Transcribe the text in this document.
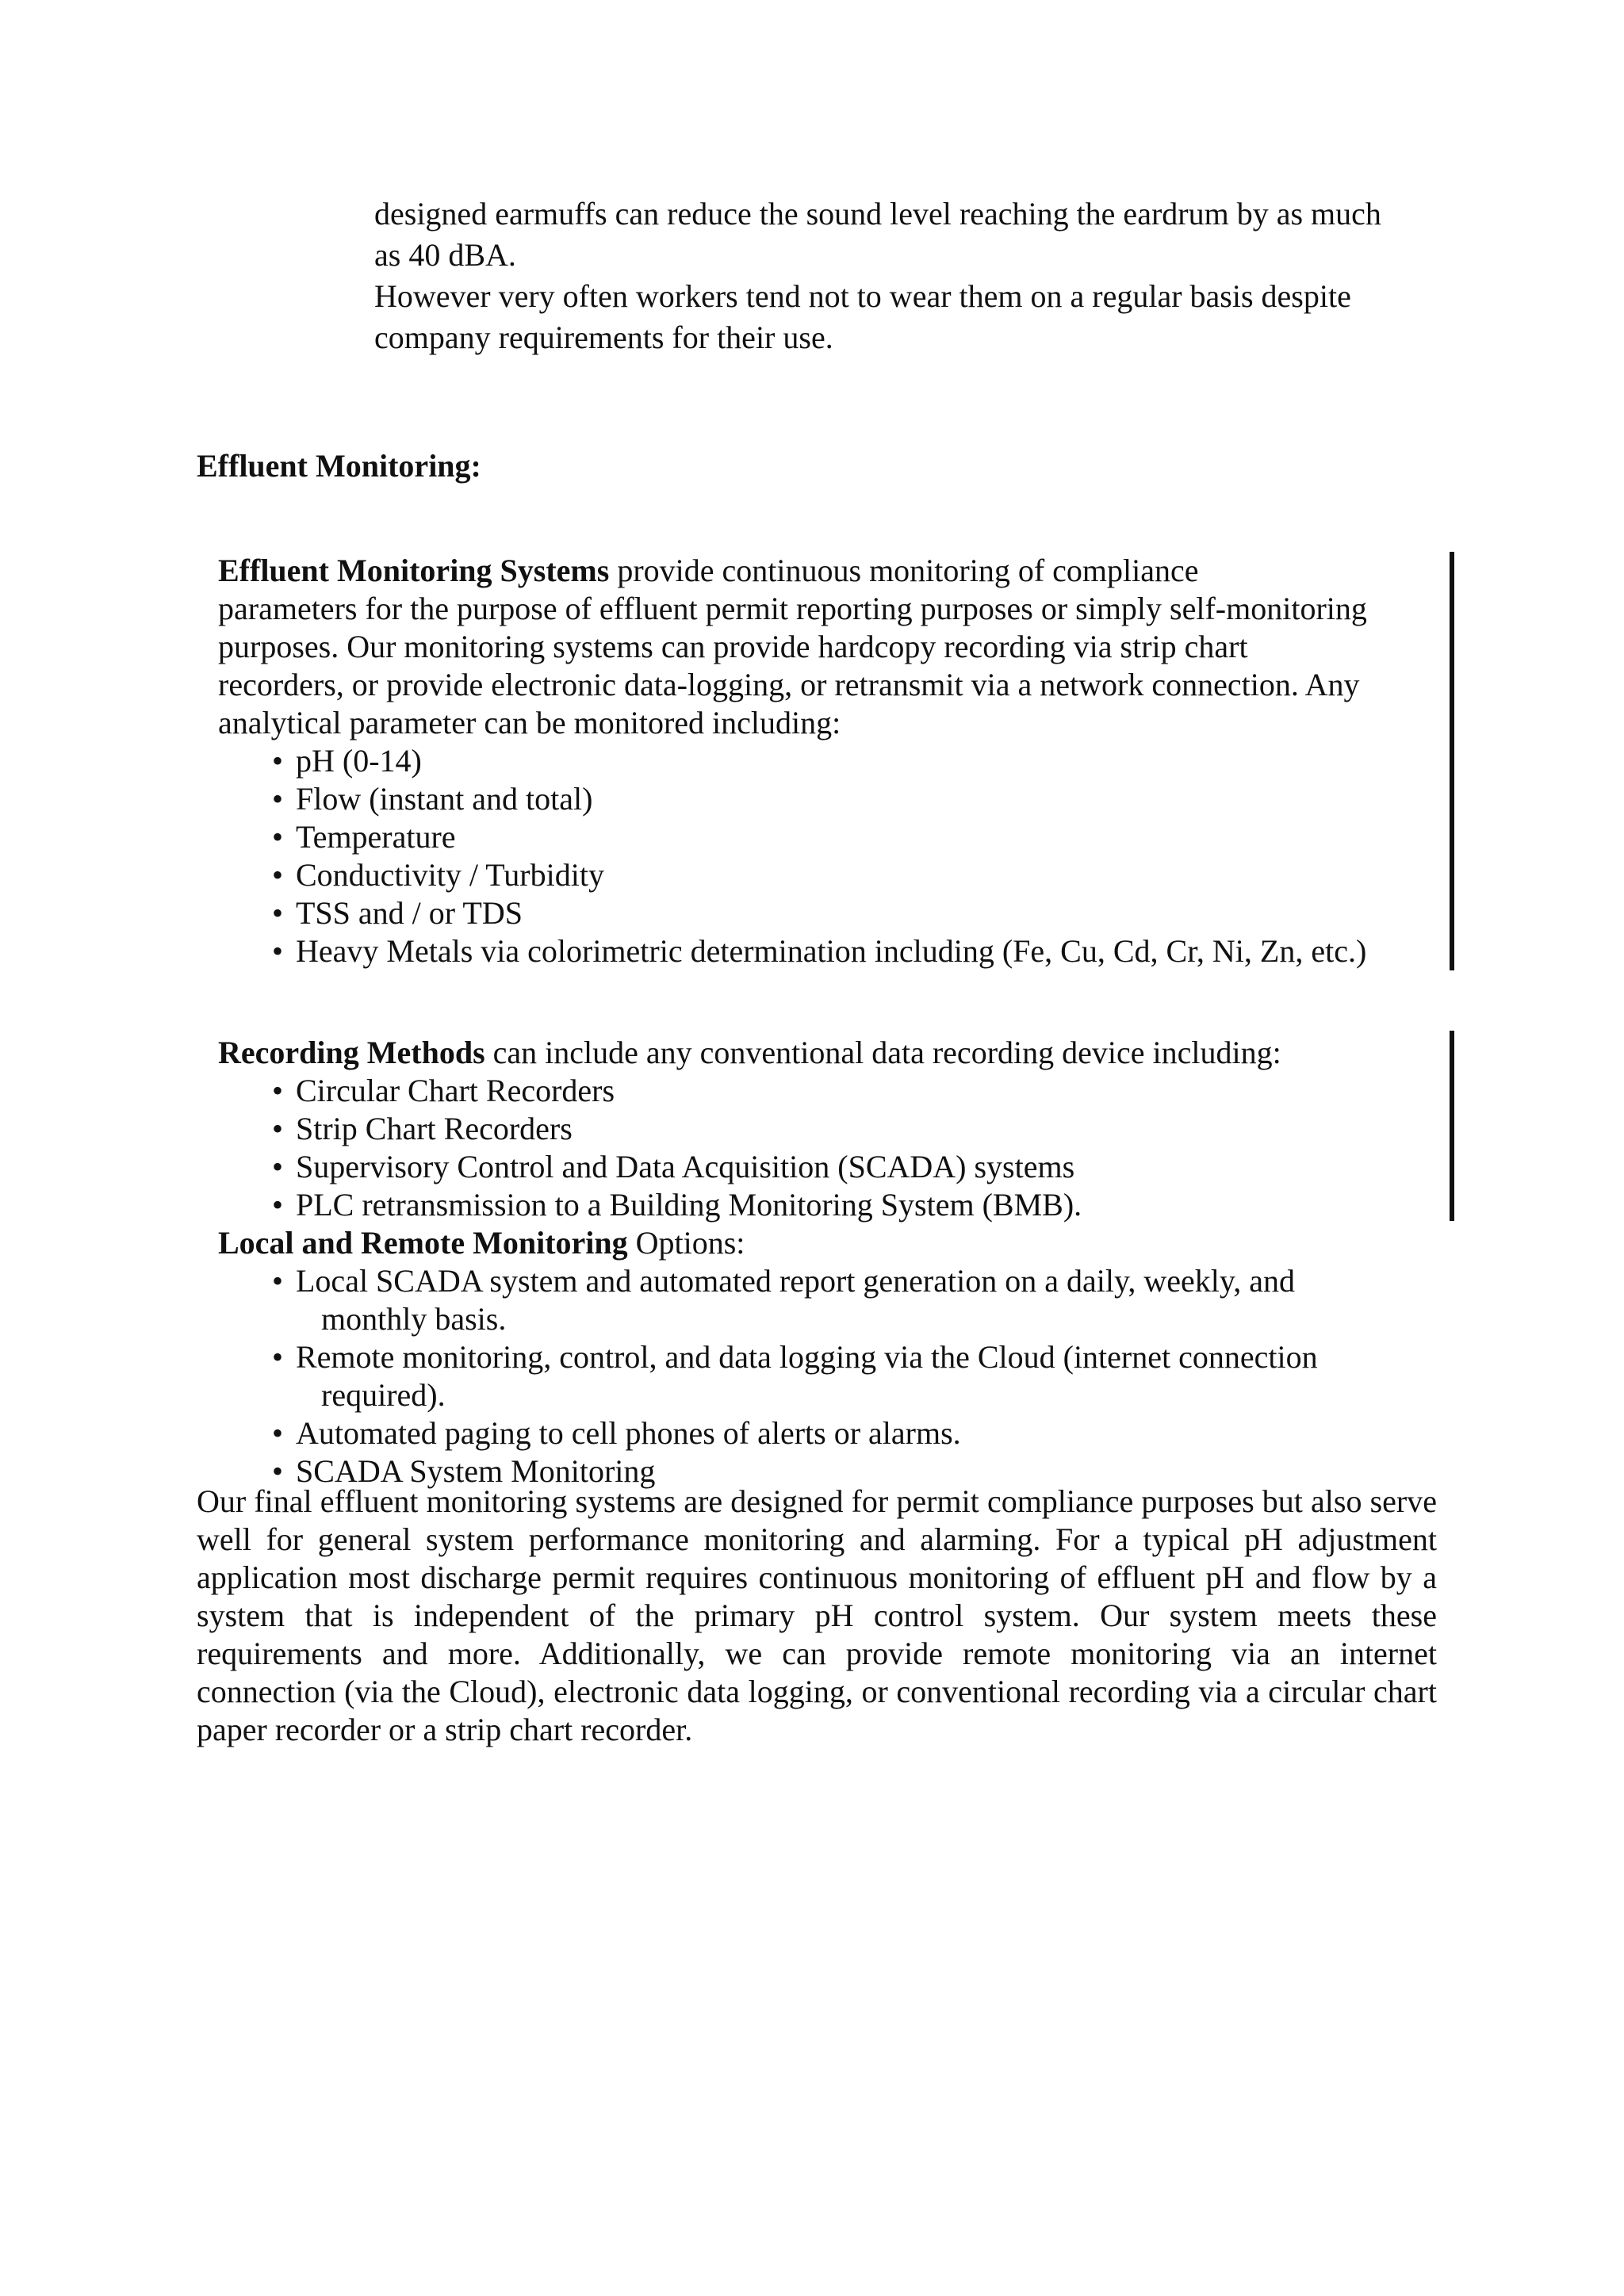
designed earmuffs can reduce the sound level reaching the eardrum by as much
as 40 dBA.
However very often workers tend not to wear them on a regular basis despite
company requirements for their use.
Effluent Monitoring:
Effluent Monitoring Systems provide continuous monitoring of compliance
parameters for the purpose of effluent permit reporting purposes or simply self-monitoring
purposes. Our monitoring systems can provide hardcopy recording via strip chart
recorders, or provide electronic data-logging, or retransmit via a network connection. Any
analytical parameter can be monitored including:
• pH (0-14)
• Flow (instant and total)
• Temperature
• Conductivity / Turbidity
• TSS and / or TDS
• Heavy Metals via colorimetric determination including (Fe, Cu, Cd, Cr, Ni, Zn, etc.)
Recording Methods can include any conventional data recording device including:
• Circular Chart Recorders
• Strip Chart Recorders
• Supervisory Control and Data Acquisition (SCADA) systems
• PLC retransmission to a Building Monitoring System (BMB).
Local and Remote Monitoring Options:
• Local SCADA system and automated report generation on a daily, weekly, and
monthly basis.
• Remote monitoring, control, and data logging via the Cloud (internet connection
required).
• Automated paging to cell phones of alerts or alarms.
• SCADA System Monitoring
Our final effluent monitoring systems are designed for permit compliance purposes but also serve well for general system performance monitoring and alarming. For a typical pH adjustment application most discharge permit requires continuous monitoring of effluent pH and flow by a system that is independent of the primary pH control system. Our system meets these requirements and more. Additionally, we can provide remote monitoring via an internet connection (via the Cloud), electronic data logging, or conventional recording via a circular chart paper recorder or a strip chart recorder.
